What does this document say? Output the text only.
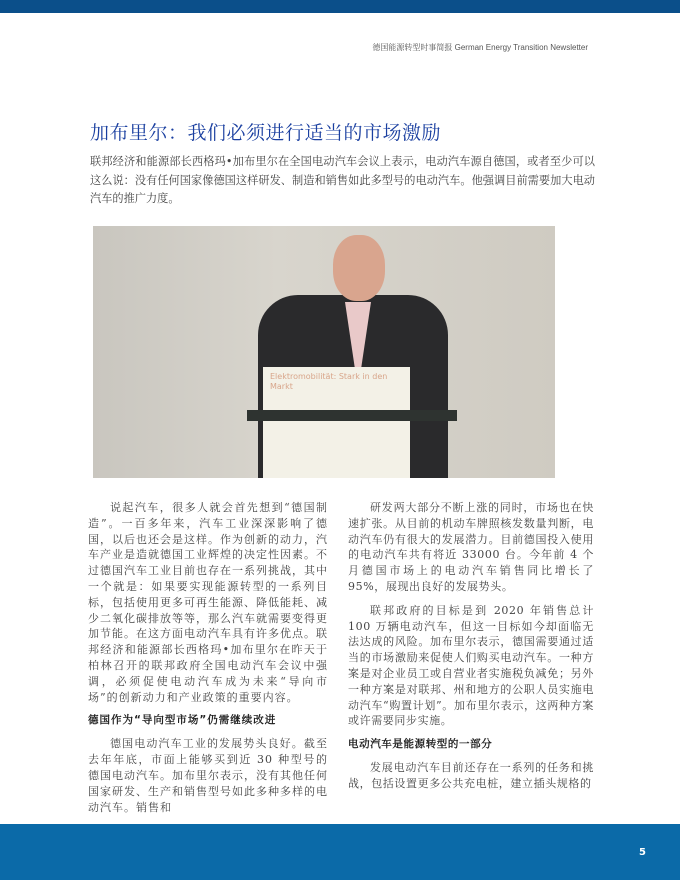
德国能源转型时事简报 German Energy Transition Newsletter
加布里尔：我们必须进行适当的市场激励
联邦经济和能源部长西格玛•加布里尔在全国电动汽车会议上表示，电动汽车源自德国，或者至少可以这么说：没有任何国家像德国这样研发、制造和销售如此多型号的电动汽车。他强调目前需要加大电动汽车的推广力度。
Elektromobilität: Stark in den Markt

说起汽车，很多人就会首先想到“德国制造”。一百多年来，汽车工业深深影响了德国，以后也还会是这样。作为创新的动力，汽车产业是造就德国工业辉煌的决定性因素。不过德国汽车工业目前也存在一系列挑战，其中一个就是：如果要实现能源转型的一系列目标，包括使用更多可再生能源、降低能耗、减少二氧化碳排放等等，那么汽车就需要变得更加节能。在这方面电动汽车具有许多优点。联邦经济和能源部长西格玛•加布里尔在昨天于柏林召开的联邦政府全国电动汽车会议中强调，必须促使电动汽车成为未来“导向市场”的创新动力和产业政策的重要内容。

德国作为“导向型市场”仍需继续改进

德国电动汽车工业的发展势头良好。截至去年年底，市面上能够买到近 30 种型号的德国电动汽车。加布里尔表示，没有其他任何国家研发、生产和销售型号如此多种多样的电动汽车。销售和

研发两大部分不断上涨的同时，市场也在快速扩张。从目前的机动车牌照核发数量判断，电动汽车仍有很大的发展潜力。目前德国投入使用的电动汽车共有将近 33000 台。今年前 4 个月德国市场上的电动汽车销售同比增长了 95%，展现出良好的发展势头。

联邦政府的目标是到 2020 年销售总计 100 万辆电动汽车，但这一目标如今却面临无法达成的风险。加布里尔表示，德国需要通过适当的市场激励来促使人们购买电动汽车。一种方案是对企业员工或自营业者实施税负减免；另外一种方案是对联邦、州和地方的公职人员实施电动汽车“购置计划”。加布里尔表示，这两种方案或许需要同步实施。

电动汽车是能源转型的一部分

发展电动汽车目前还存在一系列的任务和挑战，包括设置更多公共充电桩，建立插头规格的

5
